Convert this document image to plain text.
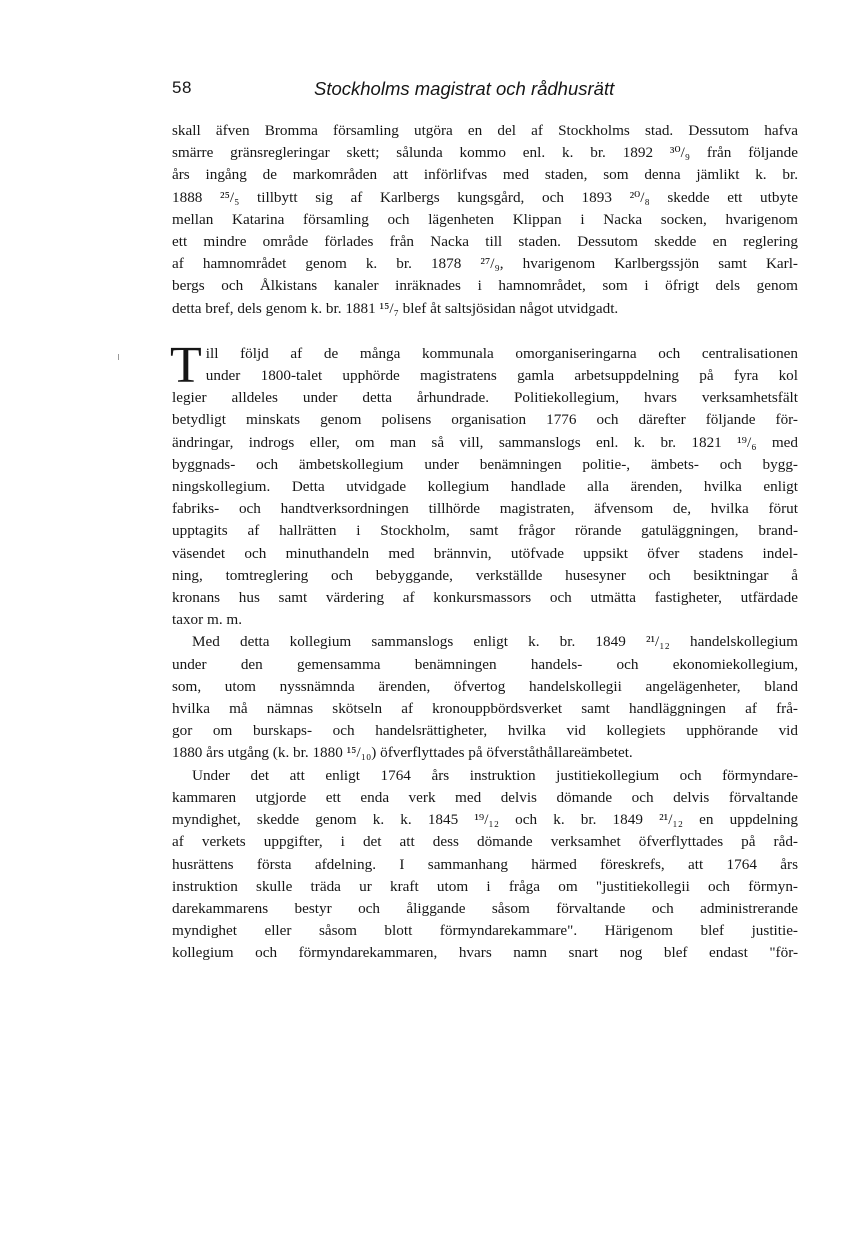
58	Stockholms magistrat och rådhusrätt
skall äfven Bromma församling utgöra en del af Stockholms stad. Dessutom hafva
smärre gränsregleringar skett; sålunda kommo enl. k. br. 1892 ³⁰/₉ från följande
års ingång de markområden att införlifvas med staden, som denna jämlikt k. br.
1888 ²⁵/₅ tillbytt sig af Karlbergs kungsgård, och 1893 ²⁰/₈ skedde ett utbyte
mellan Katarina församling och lägenheten Klippan i Nacka socken, hvarigenom
ett mindre område förlades från Nacka till staden. Dessutom skedde en reglering
af hamnområdet genom k. br. 1878 ²⁷/₉, hvarigenom Karlbergssjön samt Karl-
bergs och Ålkistans kanaler inräknades i hamnområdet, som i öfrigt dels genom
detta bref, dels genom k. br. 1881 ¹⁵/₇ blef åt saltsjösidan något utvidgadt.
T ill följd af de många kommunala omorganiseringarna och centralisationen
under 1800-talet upphörde magistratens gamla arbetsuppdelning på fyra kol
legier alldeles under detta århundrade. Politiekollegium, hvars verksamhetsfält
betydligt minskats genom polisens organisation 1776 och därefter följande för-
ändringar, indrogs eller, om man så vill, sammanslogs enl. k. br. 1821 ¹⁹/₆ med
byggnads- och ämbetskollegium under benämningen politie-, ämbets- och bygg-
ningskollegium. Detta utvidgade kollegium handlade alla ärenden, hvilka enligt
fabriks- och handtverksordningen tillhörde magistraten, äfvensom de, hvilka förut
upptagits af hallrätten i Stockholm, samt frågor rörande gatuläggningen, brand-
väsendet och minuthandeln med brännvin, utöfvade uppsikt öfver stadens indel-
ning, tomtreglering och bebyggande, verkställde husesyner och besiktningar å
kronans hus samt värdering af konkursmassors och utmätta fastigheter, utfärdade
taxor m. m.
Med detta kollegium sammanslogs enligt k. br. 1849 ²¹/₁₂ handelskollegium
under den gemensamma benämningen handels- och ekonomiekollegium,
som, utom nyssnämnda ärenden, öfvertog handelskollegii angelägenheter, bland
hvilka må nämnas skötseln af kronouppbördsverket samt handläggningen af frå-
gor om burskaps- och handelsrättigheter, hvilka vid kollegiets upphörande vid
1880 års utgång (k. br. 1880 ¹⁵/₁₀) öfverflyttades på öfverståthållareämbetet.
Under det att enligt 1764 års instruktion justitiekollegium och förmyndare-
kammaren utgjorde ett enda verk med delvis dömande och delvis förvaltande
myndighet, skedde genom k. k. 1845 ¹⁹/₁₂ och k. br. 1849 ²¹/₁₂ en uppdelning
af verkets uppgifter, i det att dess dömande verksamhet öfverflyttades på råd-
husrättens första afdelning. I sammanhang härmed föreskrefs, att 1764 års
instruktion skulle träda ur kraft utom i fråga om "justitiekollegii och förmyn-
darekammarens bestyr och åliggande såsom förvaltande och administrerande
myndighet eller såsom blott förmyndarekammare". Härigenom blef justitie-
kollegium och förmyndarekammaren, hvars namn snart nog blef endast "för-
